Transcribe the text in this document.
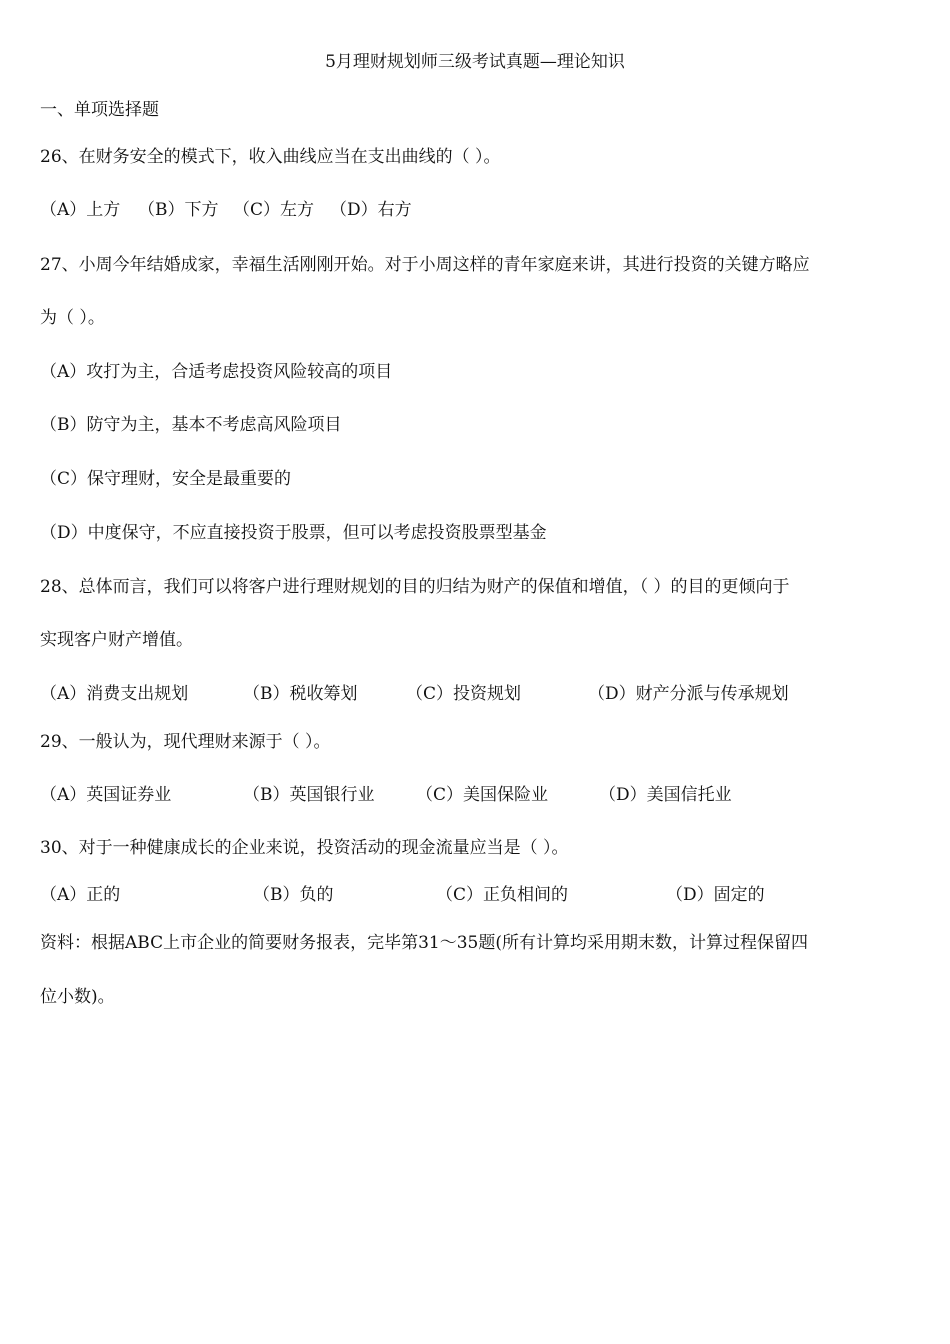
5月理财规划师三级考试真题—理论知识
一、单项选择题
26、在财务安全的模式下，收入曲线应当在支出曲线的（ ）。
（A）上方 （B）下方 （C）左方 （D）右方
27、小周今年结婚成家，幸福生活刚刚开始。对于小周这样的青年家庭来讲，其进行投资的关键方略应
为（ ）。
（A）攻打为主，合适考虑投资风险较高的项目
（B）防守为主，基本不考虑高风险项目
（C）保守理财，安全是最重要的
（D）中度保守，不应直接投资于股票，但可以考虑投资股票型基金
28、总体而言，我们可以将客户进行理财规划的目的归结为财产的保值和增值，（ ）的目的更倾向于
实现客户财产增值。
（A）消费支出规划	（B）税收筹划	（C）投资规划	（D）财产分派与传承规划
29、一般认为，现代理财来源于（ ）。
（A）英国证券业	（B）英国银行业 （C）美国保险业	（D）美国信托业
30、对于一种健康成长的企业来说，投资活动的现金流量应当是（ ）。
（A）正的	（B）负的	（C）正负相间的	（D）固定的
资料：根据ABC上市企业的简要财务报表，完毕第31～35题(所有计算均采用期末数，计算过程保留四
位小数)。
